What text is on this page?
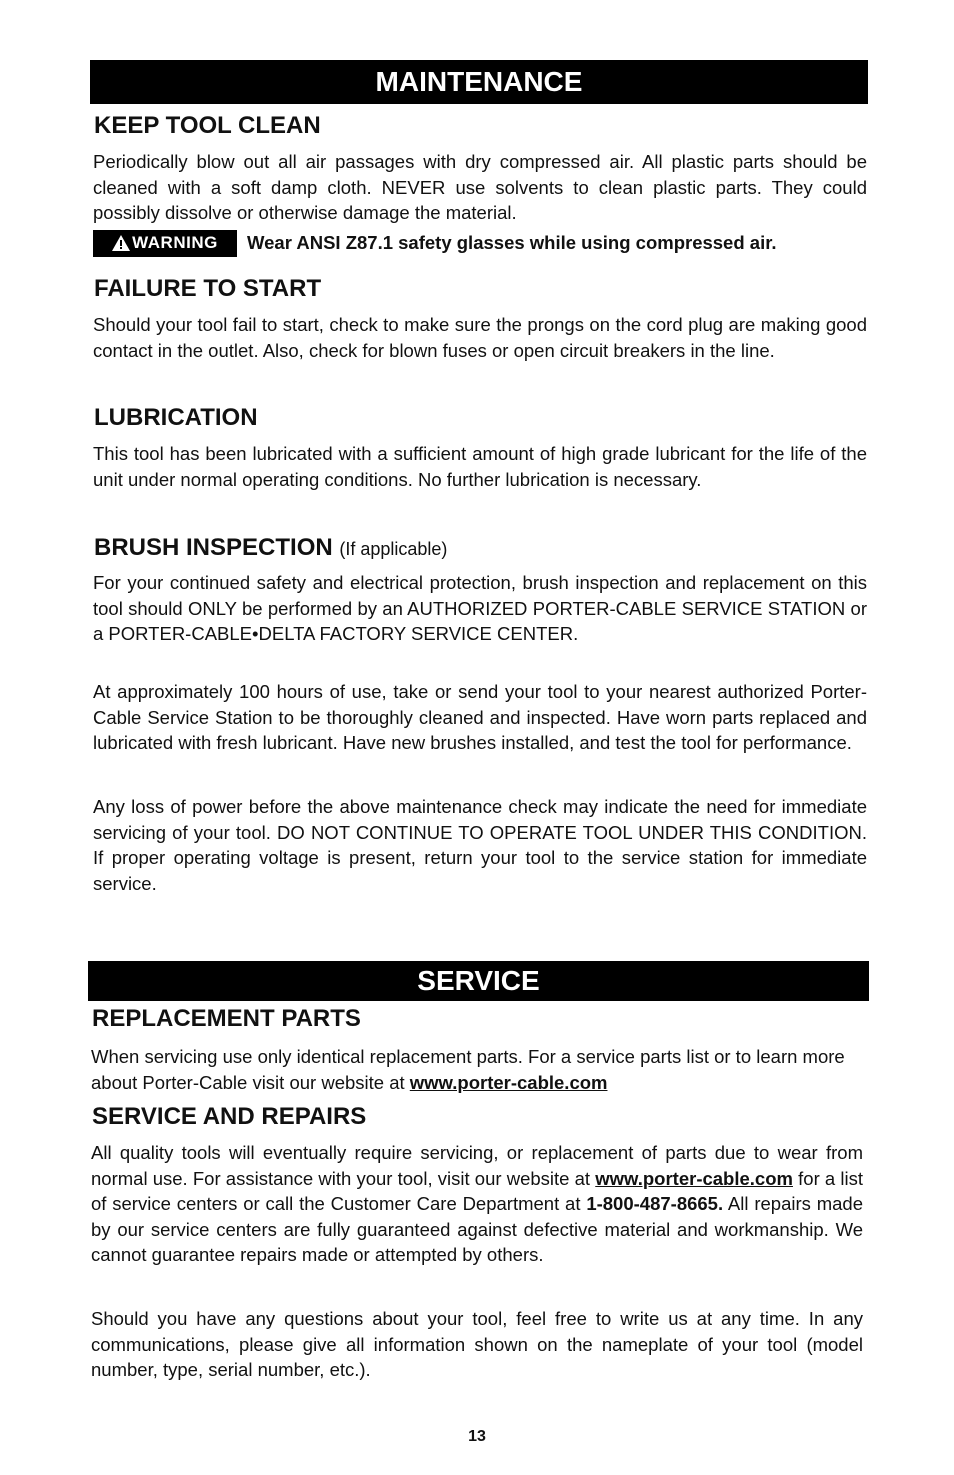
MAINTENANCE
KEEP TOOL CLEAN

Periodically blow out all air passages with dry compressed air. All plastic parts should be cleaned with a soft damp cloth. NEVER use solvents to clean plastic parts. They could possibly dissolve or otherwise damage the material.

WARNING Wear ANSI Z87.1 safety glasses while using compressed air.
FAILURE TO START

Should your tool fail to start, check to make sure the prongs on the cord plug are making good contact in the outlet. Also, check for blown fuses or open circuit breakers in the line.

LUBRICATION

This tool has been lubricated with a sufficient amount of high grade lubricant for the life of the unit under normal operating conditions. No further lubrication is necessary.

BRUSH INSPECTION (If applicable)

For your continued safety and electrical protection, brush inspection and replacement on this tool should ONLY be performed by an AUTHORIZED PORTER-CABLE SERVICE STATION or a PORTER-CABLE•DELTA FACTORY SERVICE CENTER.

At approximately 100 hours of use, take or send your tool to your nearest authorized Porter-Cable Service Station to be thoroughly cleaned and inspected. Have worn parts replaced and lubricated with fresh lubricant. Have new brushes installed, and test the tool for performance.

Any loss of power before the above maintenance check may indicate the need for immediate servicing of your tool. DO NOT CONTINUE TO OPERATE TOOL UNDER THIS CONDITION. If proper operating voltage is present, return your tool to the service station for immediate service.

SERVICE
REPLACEMENT PARTS

When servicing use only identical replacement parts. For a service parts list or to learn more about Porter-Cable visit our website at www.porter-cable.com

SERVICE AND REPAIRS

All quality tools will eventually require servicing, or replacement of parts due to wear from normal use. For assistance with your tool, visit our website at www.porter-cable.com for a list of service centers or call the Customer Care Department at 1-800-487-8665. All repairs made by our service centers are fully guaranteed against defective material and workmanship. We cannot guarantee repairs made or attempted by others.

Should you have any questions about your tool, feel free to write us at any time. In any communications, please give all information shown on the nameplate of your tool (model number, type, serial number, etc.).

13
